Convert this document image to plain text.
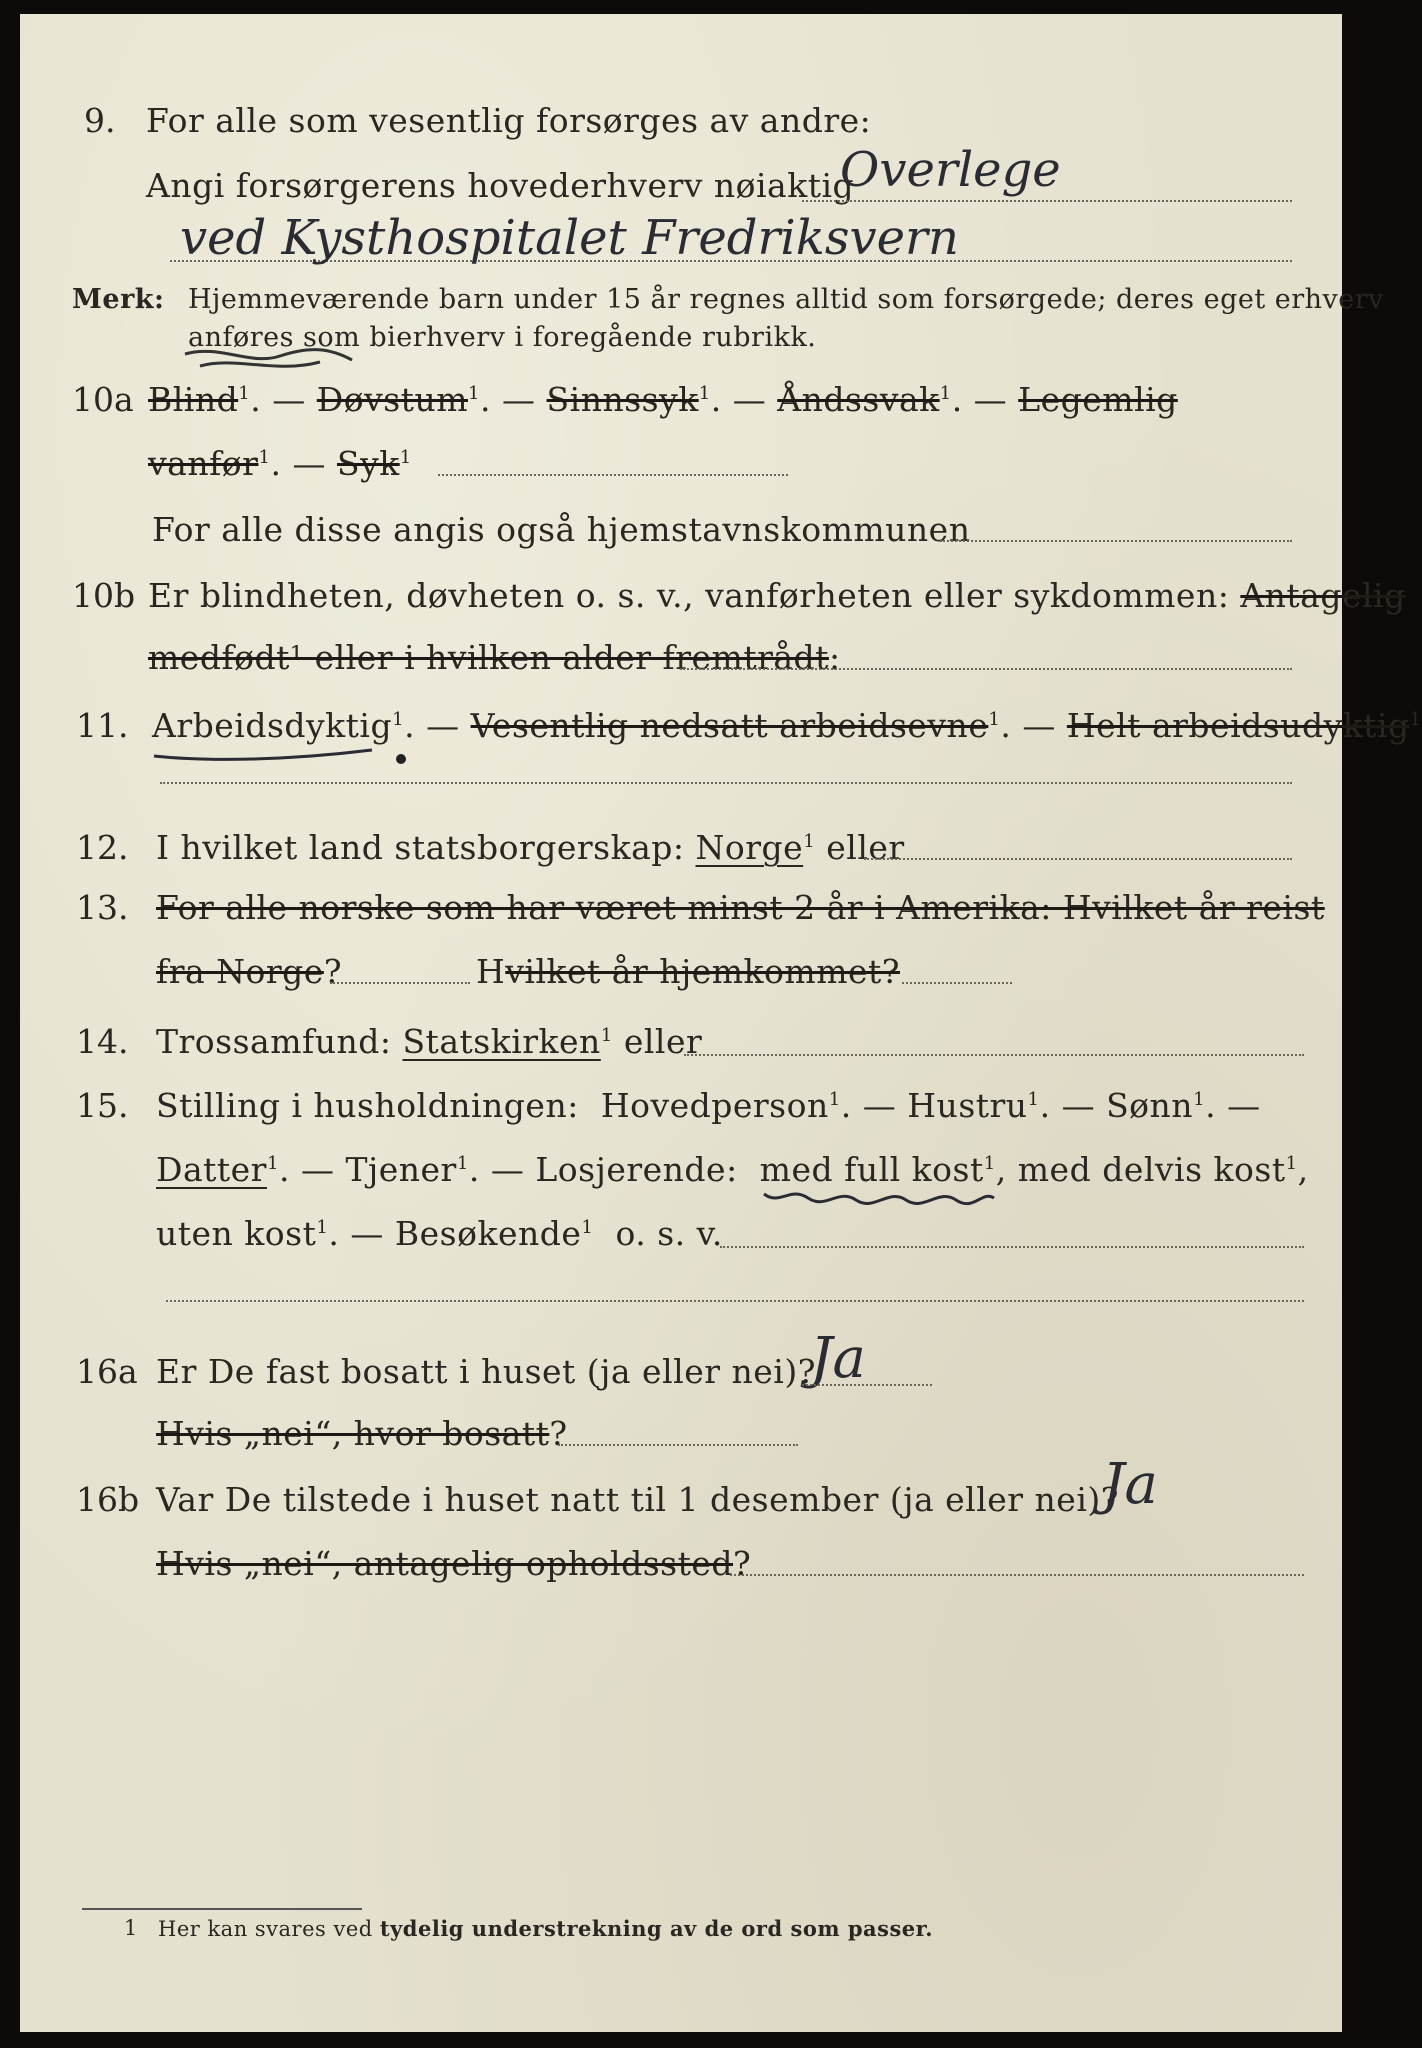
9. For alle som vesentlig forsørges av andre:
Angi forsørgerens hovederhverv nøiaktig
Overlege
ved Kysthospitalet Fredriksvern
Merk: Hjemmeværende barn under 15 år regnes alltid som forsørgede; deres eget erhverv
anføres som bierhverv i foregående rubrikk.
10a Blind$^1$. — Døvstum$^1$. — Sinnssyk$^1$. — Åndssvak$^1$. — Legemlig
vanfør$^1$. — Syk$^1$
For alle disse angis også hjemstavnskommunen
10b Er blindheten, døvheten o. s. v., vanførheten eller sykdommen: Antagelig
medfødt¹ eller i hvilken alder fremtrådt:
11. Arbeidsdyktig$^1$. — Vesentlig nedsatt arbeidsevne$^1$. — Helt arbeidsudyktig$^1$
12. I hvilket land statsborgerskap: Norge$^1$ eller
13. For alle norske som har været minst 2 år i Amerika: Hvilket år reist
fra Norge?	Hvilket år hjemkommet?
14. Trossamfund: Statskirken$^1$ eller
15. Stilling i husholdningen: Hovedperson$^1$. — Hustru$^1$. — Sønn$^1$. —
Datter$^1$. — Tjener$^1$. — Losjerende: med full kost$^1$, med delvis kost$^1$,
uten kost$^1$. — Besøkende$^1$ o. s. v.
16a Er De fast bosatt i huset (ja eller nei)?
Ja
Hvis „nei“, hvor bosatt?
16b Var De tilstede i huset natt til 1 desember (ja eller nei)?
Ja
Hvis „nei“, antagelig opholdssted?
1 Her kan svares ved tydelig understrekning av de ord som passer.
